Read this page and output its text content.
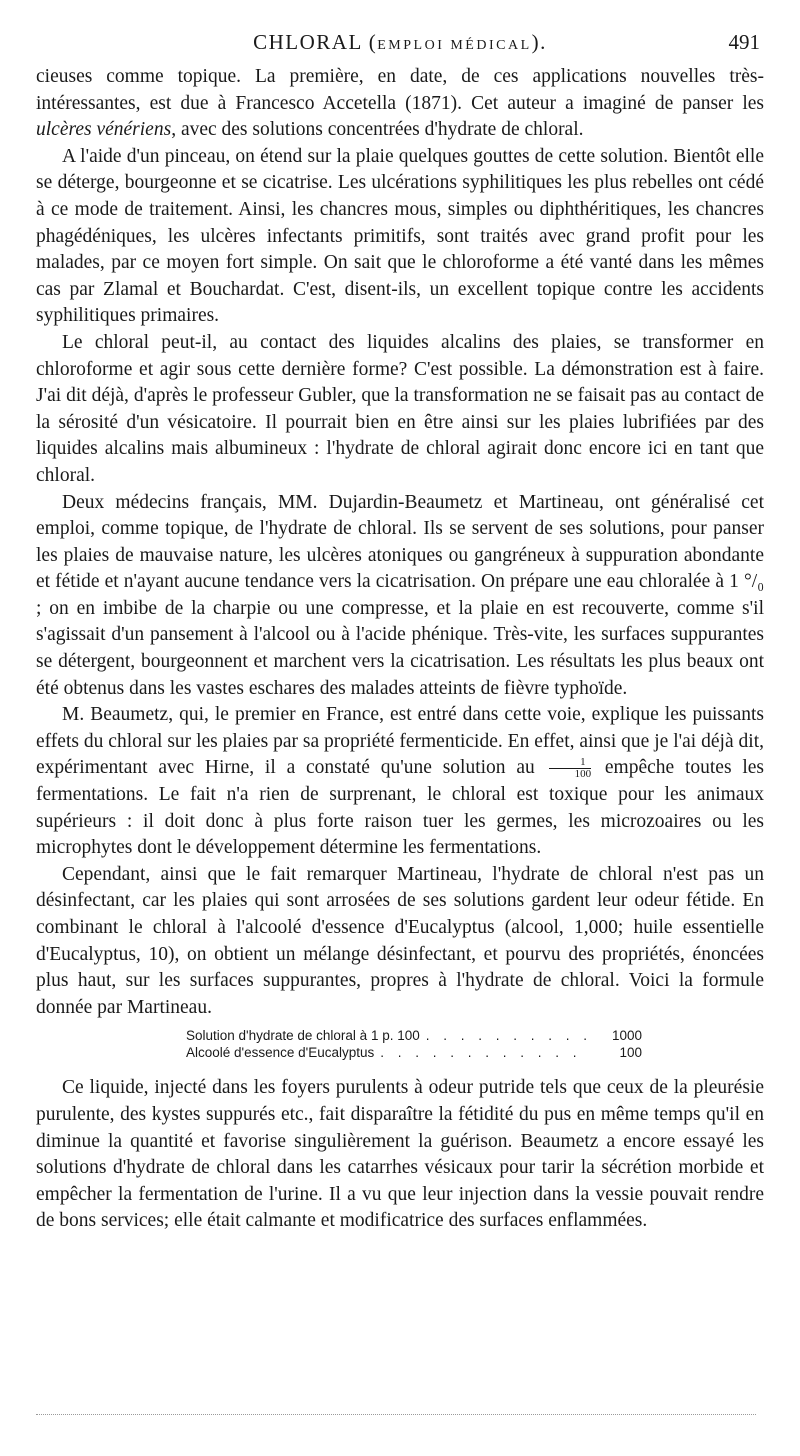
CHLORAL (EMPLOI MÉDICAL).	491

cieuses comme topique. La première, en date, de ces applications nouvelles très-intéressantes, est due à Francesco Accetella (1871). Cet auteur a imaginé de panser les ulcères vénériens, avec des solutions concentrées d'hydrate de chloral.

A l'aide d'un pinceau, on étend sur la plaie quelques gouttes de cette solution. Bientôt elle se déterge, bourgeonne et se cicatrise. Les ulcérations syphilitiques les plus rebelles ont cédé à ce mode de traitement. Ainsi, les chancres mous, simples ou diphthéritiques, les chancres phagédéniques, les ulcères infectants primitifs, sont traités avec grand profit pour les malades, par ce moyen fort simple. On sait que le chloroforme a été vanté dans les mêmes cas par Zlamal et Bouchardat. C'est, disent-ils, un excellent topique contre les accidents syphilitiques primaires.

Le chloral peut-il, au contact des liquides alcalins des plaies, se transformer en chloroforme et agir sous cette dernière forme? C'est possible. La démonstration est à faire. J'ai dit déjà, d'après le professeur Gubler, que la transformation ne se faisait pas au contact de la sérosité d'un vésicatoire. Il pourrait bien en être ainsi sur les plaies lubrifiées par des liquides alcalins mais albumineux : l'hydrate de chloral agirait donc encore ici en tant que chloral.

Deux médecins français, MM. Dujardin-Beaumetz et Martineau, ont généralisé cet emploi, comme topique, de l'hydrate de chloral. Ils se servent de ses solutions, pour panser les plaies de mauvaise nature, les ulcères atoniques ou gangréneux à suppuration abondante et fétide et n'ayant aucune tendance vers la cicatrisation. On prépare une eau chloralée à 1 °/₀ ; on en imbibe de la charpie ou une compresse, et la plaie en est recouverte, comme s'il s'agissait d'un pansement à l'alcool ou à l'acide phénique. Très-vite, les surfaces suppurantes se détergent, bourgeonnent et marchent vers la cicatrisation. Les résultats les plus beaux ont été obtenus dans les vastes eschares des malades atteints de fièvre typhoïde.

M. Beaumetz, qui, le premier en France, est entré dans cette voie, explique les puissants effets du chloral sur les plaies par sa propriété fermenticide. En effet, ainsi que je l'ai déjà dit, expérimentant avec Hirne, il a constaté qu'une solution au $\frac{1}{100}$ empêche toutes les fermentations. Le fait n'a rien de surprenant, le chloral est toxique pour les animaux supérieurs : il doit donc à plus forte raison tuer les germes, les microzoaires ou les microphytes dont le développement détermine les fermentations.

Cependant, ainsi que le fait remarquer Martineau, l'hydrate de chloral n'est pas un désinfectant, car les plaies qui sont arrosées de ses solutions gardent leur odeur fétide. En combinant le chloral à l'alcoolé d'essence d'Eucalyptus (alcool, 1,000; huile essentielle d'Eucalyptus, 10), on obtient un mélange désinfectant, et pourvu des propriétés, énoncées plus haut, sur les surfaces suppurantes, propres à l'hydrate de chloral. Voici la formule donnée par Martineau.

Solution d'hydrate de chloral à 1 p. 100 . . .	1000
Alcoolé d'essence d'Eucalyptus . . .	100

Ce liquide, injecté dans les foyers purulents à odeur putride tels que ceux de la pleurésie purulente, des kystes suppurés etc., fait disparaître la fétidité du pus en même temps qu'il en diminue la quantité et favorise singulièrement la guérison. Beaumetz a encore essayé les solutions d'hydrate de chloral dans les catarrhes vésicaux pour tarir la sécrétion morbide et empêcher la fermentation de l'urine. Il a vu que leur injection dans la vessie pouvait rendre de bons services; elle était calmante et modificatrice des surfaces enflammées.
